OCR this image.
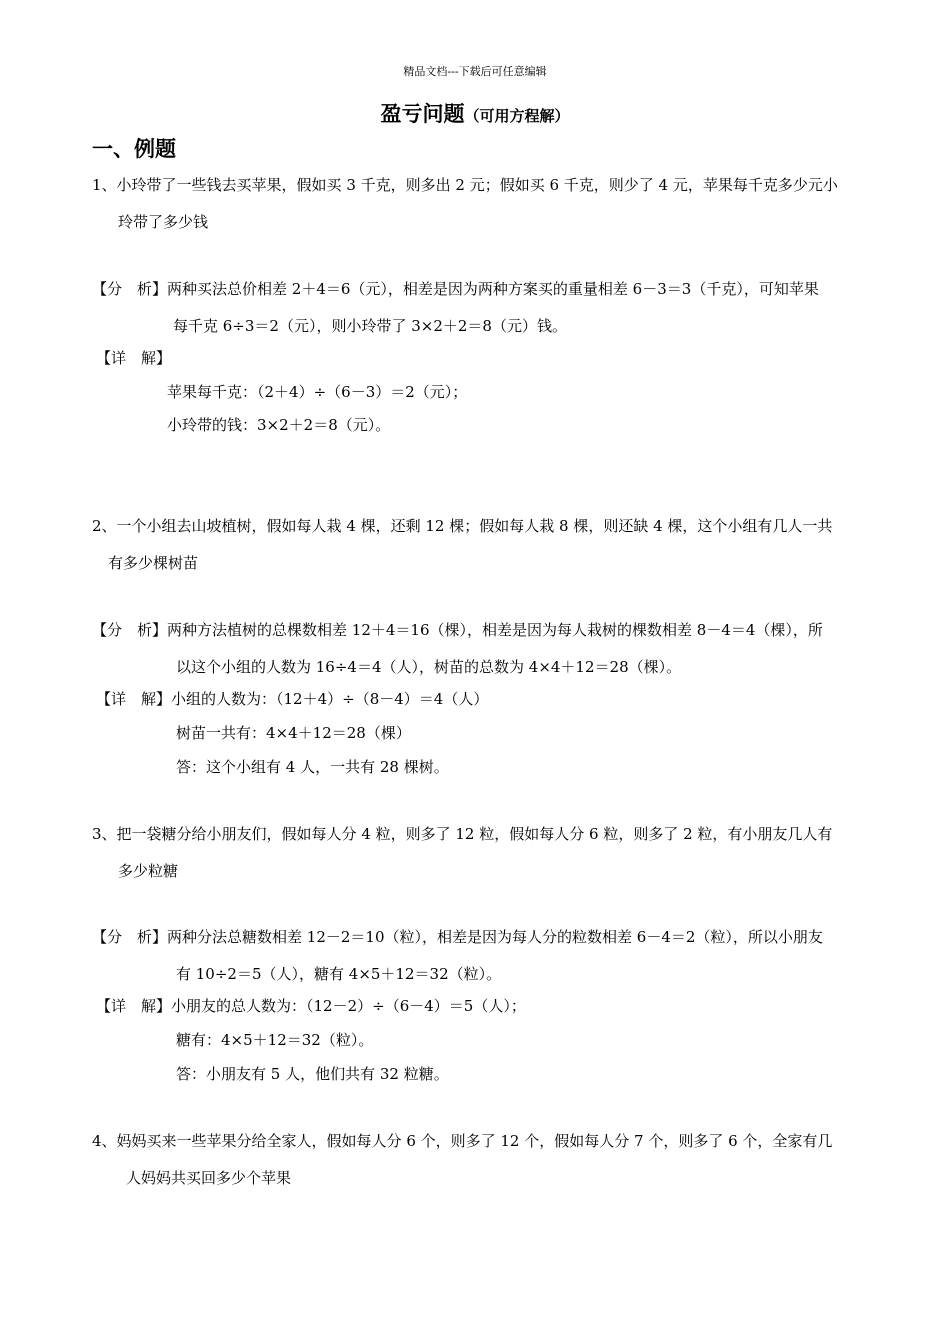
精品文档---下载后可任意编辑
盈亏问题（可用方程解）
一、例题
1、小玲带了一些钱去买苹果，假如买 3 千克，则多出 2 元；假如买 6 千克，则少了 4 元，苹果每千克多少元小
玲带了多少钱
【分　析】两种买法总价相差 2＋4＝6（元），相差是因为两种方案买的重量相差 6－3＝3（千克），可知苹果
每千克 6÷3＝2（元），则小玲带了 3×2＋2＝8（元）钱。
【详　解】
苹果每千克：（2＋4）÷（6－3）＝2（元）；
小玲带的钱：3×2＋2＝8（元）。
2、一个小组去山坡植树，假如每人栽 4 棵，还剩 12 棵；假如每人栽 8 棵，则还缺 4 棵，这个小组有几人一共
有多少棵树苗
【分　析】两种方法植树的总棵数相差 12＋4＝16（棵），相差是因为每人栽树的棵数相差 8－4＝4（棵），所
以这个小组的人数为 16÷4＝4（人），树苗的总数为 4×4＋12＝28（棵）。
【详　解】小组的人数为：（12＋4）÷（8－4）＝4（人）
树苗一共有：4×4＋12＝28（棵）
答：这个小组有 4 人，一共有 28 棵树。
3、把一袋糖分给小朋友们，假如每人分 4 粒，则多了 12 粒，假如每人分 6 粒，则多了 2 粒，有小朋友几人有
多少粒糖
【分　析】两种分法总糖数相差 12－2＝10（粒），相差是因为每人分的粒数相差 6－4＝2（粒），所以小朋友
有 10÷2＝5（人），糖有 4×5＋12＝32（粒）。
【详　解】小朋友的总人数为：（12－2）÷（6－4）＝5（人）；
糖有：4×5＋12＝32（粒）。
答：小朋友有 5 人，他们共有 32 粒糖。
4、妈妈买来一些苹果分给全家人，假如每人分 6 个，则多了 12 个，假如每人分 7 个，则多了 6 个，全家有几
人妈妈共买回多少个苹果
